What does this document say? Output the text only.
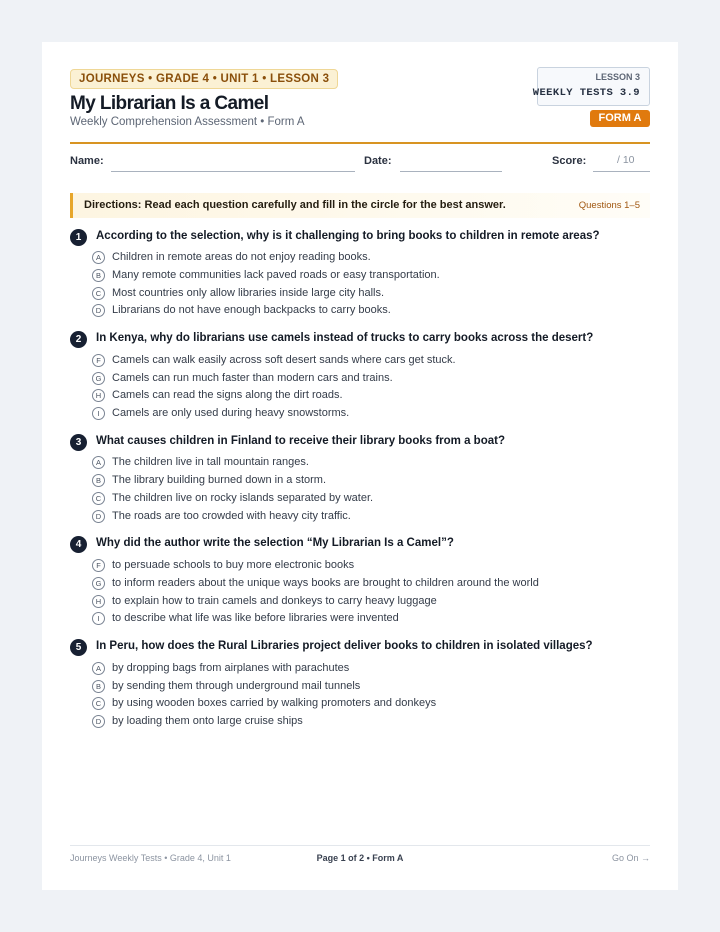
JOURNEYS • GRADE 4 • UNIT 1 • LESSON 3
My Librarian Is a Camel
Weekly Comprehension Assessment • Form A
LESSON 3
WEEKLY TESTS 3.9
FORM A
Name:	Date:	Score:	/ 10
Directions: Read each question carefully and fill in the circle for the best answer.	Questions 1–5
1	According to the selection, why is it challenging to bring books to children in remote areas?
A	Children in remote areas do not enjoy reading books.
B	Many remote communities lack paved roads or easy transportation.
C Most countries only allow libraries inside large city halls.
D Librarians do not have enough backpacks to carry books.
2	In Kenya, why do librarians use camels instead of trucks to carry books across the desert?
F	Camels can walk easily across soft desert sands where cars get stuck.
G Camels can run much faster than modern cars and trains.
H Camels can read the signs along the dirt roads.
I	Camels are only used during heavy snowstorms.
3	What causes children in Finland to receive their library books from a boat?
A	The children live in tall mountain ranges.
B	The library building burned down in a storm.
C The children live on rocky islands separated by water.
D The roads are too crowded with heavy city traffic.
4	Why did the author write the selection “My Librarian Is a Camel”?
F	to persuade schools to buy more electronic books
G to inform readers about the unique ways books are brought to children around the world
H to explain how to train camels and donkeys to carry heavy luggage
I	to describe what life was like before libraries were invented
5	In Peru, how does the Rural Libraries project deliver books to children in isolated villages?
A	by dropping bags from airplanes with parachutes
B	by sending them through underground mail tunnels
C by using wooden boxes carried by walking promoters and donkeys
D by loading them onto large cruise ships
Journeys Weekly Tests • Grade 4, Unit 1	Page 1 of 2 • Form A	Go On →
